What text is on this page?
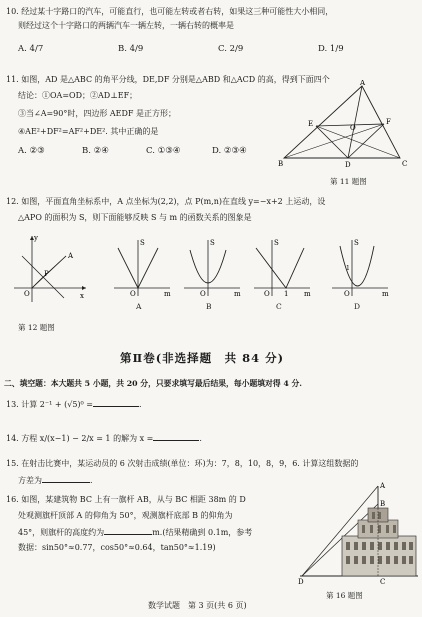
10. 经过某十字路口的汽车，可能直行，也可能左转或者右转，如果这三种可能性大小相同，
则经过这个十字路口的两辆汽车一辆左转，一辆右转的概率是
A. 4/7	B. 4/9	C. 2/9	D. 1/9
11. 如图，AD 是△ABC 的角平分线，DE,DF 分别是△ABD 和△ACD 的高，得到下面四个
结论：①OA=OD；②AD⊥EF；
③当∠A=90°时，四边形 AEDF 是正方形；
④AE²+DF²=AF²+DE². 其中正确的是
A. ②③	B. ②④	C. ①③④	D. ②③④
A
E	F
O
B	D	C
第 11 题图
12. 如图，平面直角坐标系中，A 点坐标为(2,2)，点 P(m,n)在直线 y=−x+2 上运动，设
△APO 的面积为 S，则下面能够反映 S 与 m 的函数关系的图象是
y
x
O
P
A
S
m
O
A
S
m
O
B
S
m
O 1
C
S
m
O
1
D
第 12 题图
第Ⅱ卷(非选择题　共 84 分)
二、填空题：本大题共 5 小题，共 20 分，只要求填写最后结果，每小题填对得 4 分.
13. 计算 2⁻¹ + (√5)⁰ =	.
14. 方程 x/(x−1) − 2/x = 1 的解为 x =	.
15. 在射击比赛中，某运动员的 6 次射击成绩(单位：环)为：7，8，10，8，9，6. 计算这组数据的
方差为	.
16. 如图，某建筑物 BC 上有一旗杆 AB，从与 BC 相距 38m 的 D
处观测旗杆顶部 A 的仰角为 50°，观测旗杆底部 B 的仰角为
45°，则旗杆的高度约为	m.(结果精确到 0.1m，参考
数据：sin50°≈0.77，cos50°≈0.64，tan50°≈1.19)
A
B
C
D
第 16 题图
数学试题　第 3 页(共 6 页)
